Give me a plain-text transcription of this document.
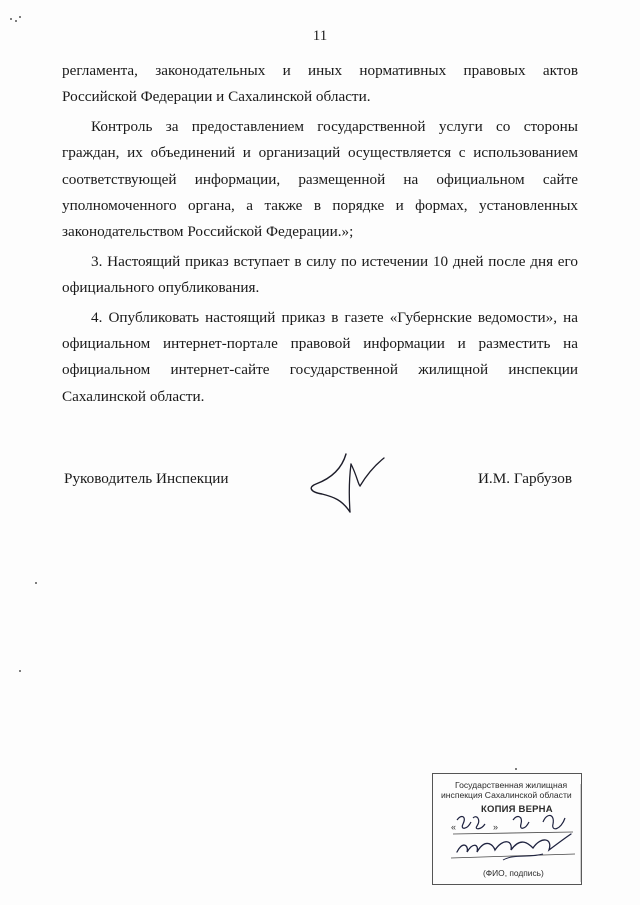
11
регламента, законодательных и иных нормативных правовых актов
Российской Федерации и Сахалинской области.
Контроль за предоставлением государственной услуги со стороны
граждан, их объединений и организаций осуществляется с использованием
соответствующей информации, размещенной на официальном сайте
уполномоченного органа, а также в порядке и формах, установленных
законодательством Российской Федерации.»;
3. Настоящий приказ вступает в силу по истечении 10 дней после дня его
официального опубликования.
4. Опубликовать настоящий приказ в газете «Губернские ведомости», на
официальном интернет-портале правовой информации и разместить на
официальном интернет-сайте государственной жилищной инспекции
Сахалинской области.
Руководитель Инспекции	И.М. Гарбузов
Государственная жилищная
инспекция Сахалинской области
КОПИЯ ВЕРНА
»
«
(ФИО, подпись)
